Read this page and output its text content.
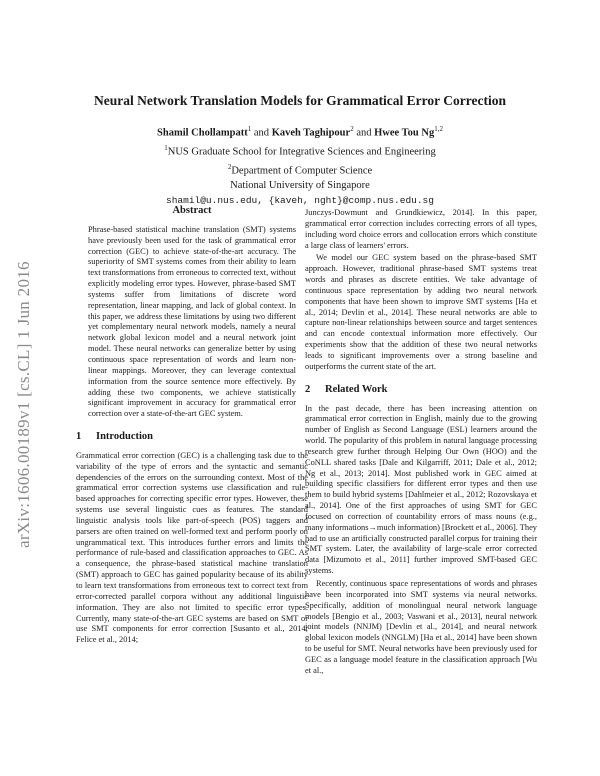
arXiv:1606.00189v1 [cs.CL] 1 Jun 2016
Neural Network Translation Models for Grammatical Error Correction
Shamil Chollampatt$^1$ and Kaveh Taghipour$^2$ and Hwee Tou Ng$^{1,2}$
$^1$NUS Graduate School for Integrative Sciences and Engineering
$^2$Department of Computer Science
National University of Singapore
shamil@u.nus.edu, {kaveh, nght}@comp.nus.edu.sg
Abstract

Phrase-based statistical machine translation (SMT) systems have previously been used for the task of grammatical error correction (GEC) to achieve state-of-the-art accuracy. The superiority of SMT systems comes from their ability to learn text transformations from erroneous to corrected text, without explicitly modeling error types. However, phrase-based SMT systems suffer from limitations of discrete word representation, linear mapping, and lack of global context. In this paper, we address these limitations by using two different yet complementary neural network models, namely a neural network global lexicon model and a neural network joint model. These neural networks can generalize better by using continuous space representation of words and learn non-linear mappings. Moreover, they can leverage contextual information from the source sentence more effectively. By adding these two components, we achieve statistically significant improvement in accuracy for grammatical error correction over a state-of-the-art GEC system.

1 Introduction

Grammatical error correction (GEC) is a challenging task due to the variability of the type of errors and the syntactic and semantic dependencies of the errors on the surrounding context. Most of the grammatical error correction systems use classification and rule-based approaches for correcting specific error types. However, these systems use several linguistic cues as features. The standard linguistic analysis tools like part-of-speech (POS) taggers and parsers are often trained on well-formed text and perform poorly on ungrammatical text. This introduces further errors and limits the performance of rule-based and classification approaches to GEC. As a consequence, the phrase-based statistical machine translation (SMT) approach to GEC has gained popularity because of its ability to learn text transformations from erroneous text to correct text from error-corrected parallel corpora without any additional linguistic information. They are also not limited to specific error types. Currently, many state-of-the-art GEC systems are based on SMT or use SMT components for error correction [Susanto et al., 2014; Felice et al., 2014;

Junczys-Dowmunt and Grundkiewicz, 2014]. In this paper, grammatical error correction includes correcting errors of all types, including word choice errors and collocation errors which constitute a large class of learners' errors.

We model our GEC system based on the phrase-based SMT approach. However, traditional phrase-based SMT systems treat words and phrases as discrete entities. We take advantage of continuous space representation by adding two neural network components that have been shown to improve SMT systems [Ha et al., 2014; Devlin et al., 2014]. These neural networks are able to capture non-linear relationships between source and target sentences and can encode contextual information more effectively. Our experiments show that the addition of these two neural networks leads to significant improvements over a strong baseline and outperforms the current state of the art.

2 Related Work

In the past decade, there has been increasing attention on grammatical error correction in English, mainly due to the growing number of English as Second Language (ESL) learners around the world. The popularity of this problem in natural language processing research grew further through Helping Our Own (HOO) and the CoNLL shared tasks [Dale and Kilgarriff, 2011; Dale et al., 2012; Ng et al., 2013; 2014]. Most published work in GEC aimed at building specific classifiers for different error types and then use them to build hybrid systems [Dahlmeier et al., 2012; Rozovskaya et al., 2014]. One of the first approaches of using SMT for GEC focused on correction of countability errors of mass nouns (e.g., many informations→much information) [Brockett et al., 2006]. They had to use an artificially constructed parallel corpus for training their SMT system. Later, the availability of large-scale error corrected data [Mizumoto et al., 2011] further improved SMT-based GEC systems.

Recently, continuous space representations of words and phrases have been incorporated into SMT systems via neural networks. Specifically, addition of monolingual neural network language models [Bengio et al., 2003; Vaswani et al., 2013], neural network joint models (NNJM) [Devlin et al., 2014], and neural network global lexicon models (NNGLM) [Ha et al., 2014] have been shown to be useful for SMT. Neural networks have been previously used for GEC as a language model feature in the classification approach [Wu et al.,
